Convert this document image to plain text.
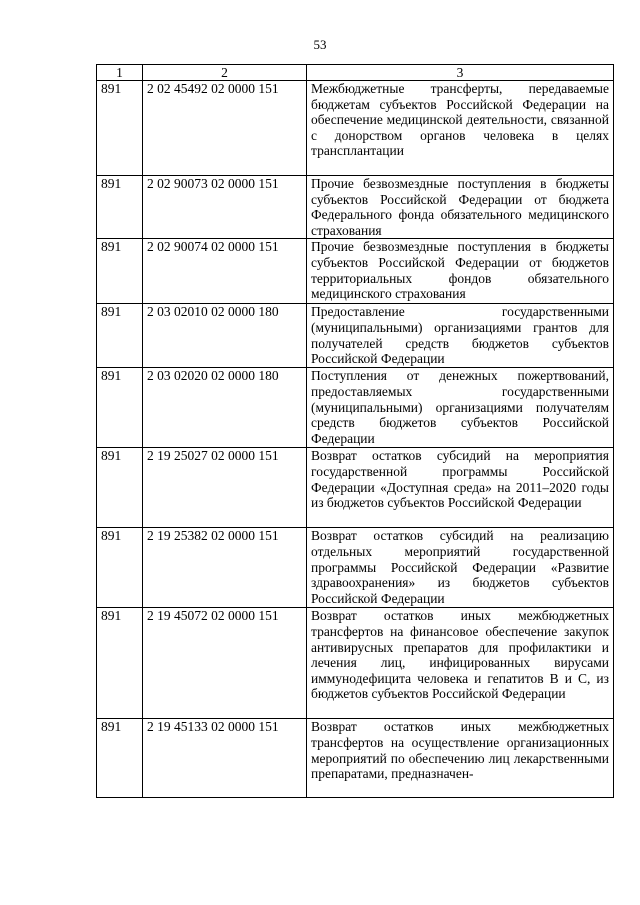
53
1	2	3
891	2 02 45492 02 0000 151	Межбюджетные трансферты, передаваемые бюджетам субъектов Российской Федерации на обеспечение медицинской деятельности, связанной с донорством органов человека в целях трансплантации
891	2 02 90073 02 0000 151	Прочие безвозмездные поступления в бюджеты субъектов Российской Федерации от бюджета Федерального фонда обязательного медицинского страхования
891	2 02 90074 02 0000 151	Прочие безвозмездные поступления в бюджеты субъектов Российской Федерации от бюджетов территориальных фондов обязательного медицинского страхования
891	2 03 02010 02 0000 180	Предоставление государственными (муниципальными) организациями грантов для получателей средств бюджетов субъектов Российской Федерации
891	2 03 02020 02 0000 180	Поступления от денежных пожертвований, предоставляемых государственными (муниципальными) организациями получателям средств бюджетов субъектов Российской Федерации
891	2 19 25027 02 0000 151	Возврат остатков субсидий на мероприятия государственной программы Российской Федерации «Доступная среда» на 2011–2020 годы из бюджетов субъектов Российской Федерации
891	2 19 25382 02 0000 151	Возврат остатков субсидий на реализацию отдельных мероприятий государственной программы Российской Федерации «Развитие здравоохранения» из бюджетов субъектов Российской Федерации
891	2 19 45072 02 0000 151	Возврат остатков иных межбюджетных трансфертов на финансовое обеспечение закупок антивирусных препаратов для профилактики и лечения лиц, инфицированных вирусами иммунодефицита человека и гепатитов В и С, из бюджетов субъектов Российской Федерации
891	2 19 45133 02 0000 151	Возврат остатков иных межбюджетных трансфертов на осуществление организационных мероприятий по обеспечению лиц лекарственными препаратами, предназначен-
